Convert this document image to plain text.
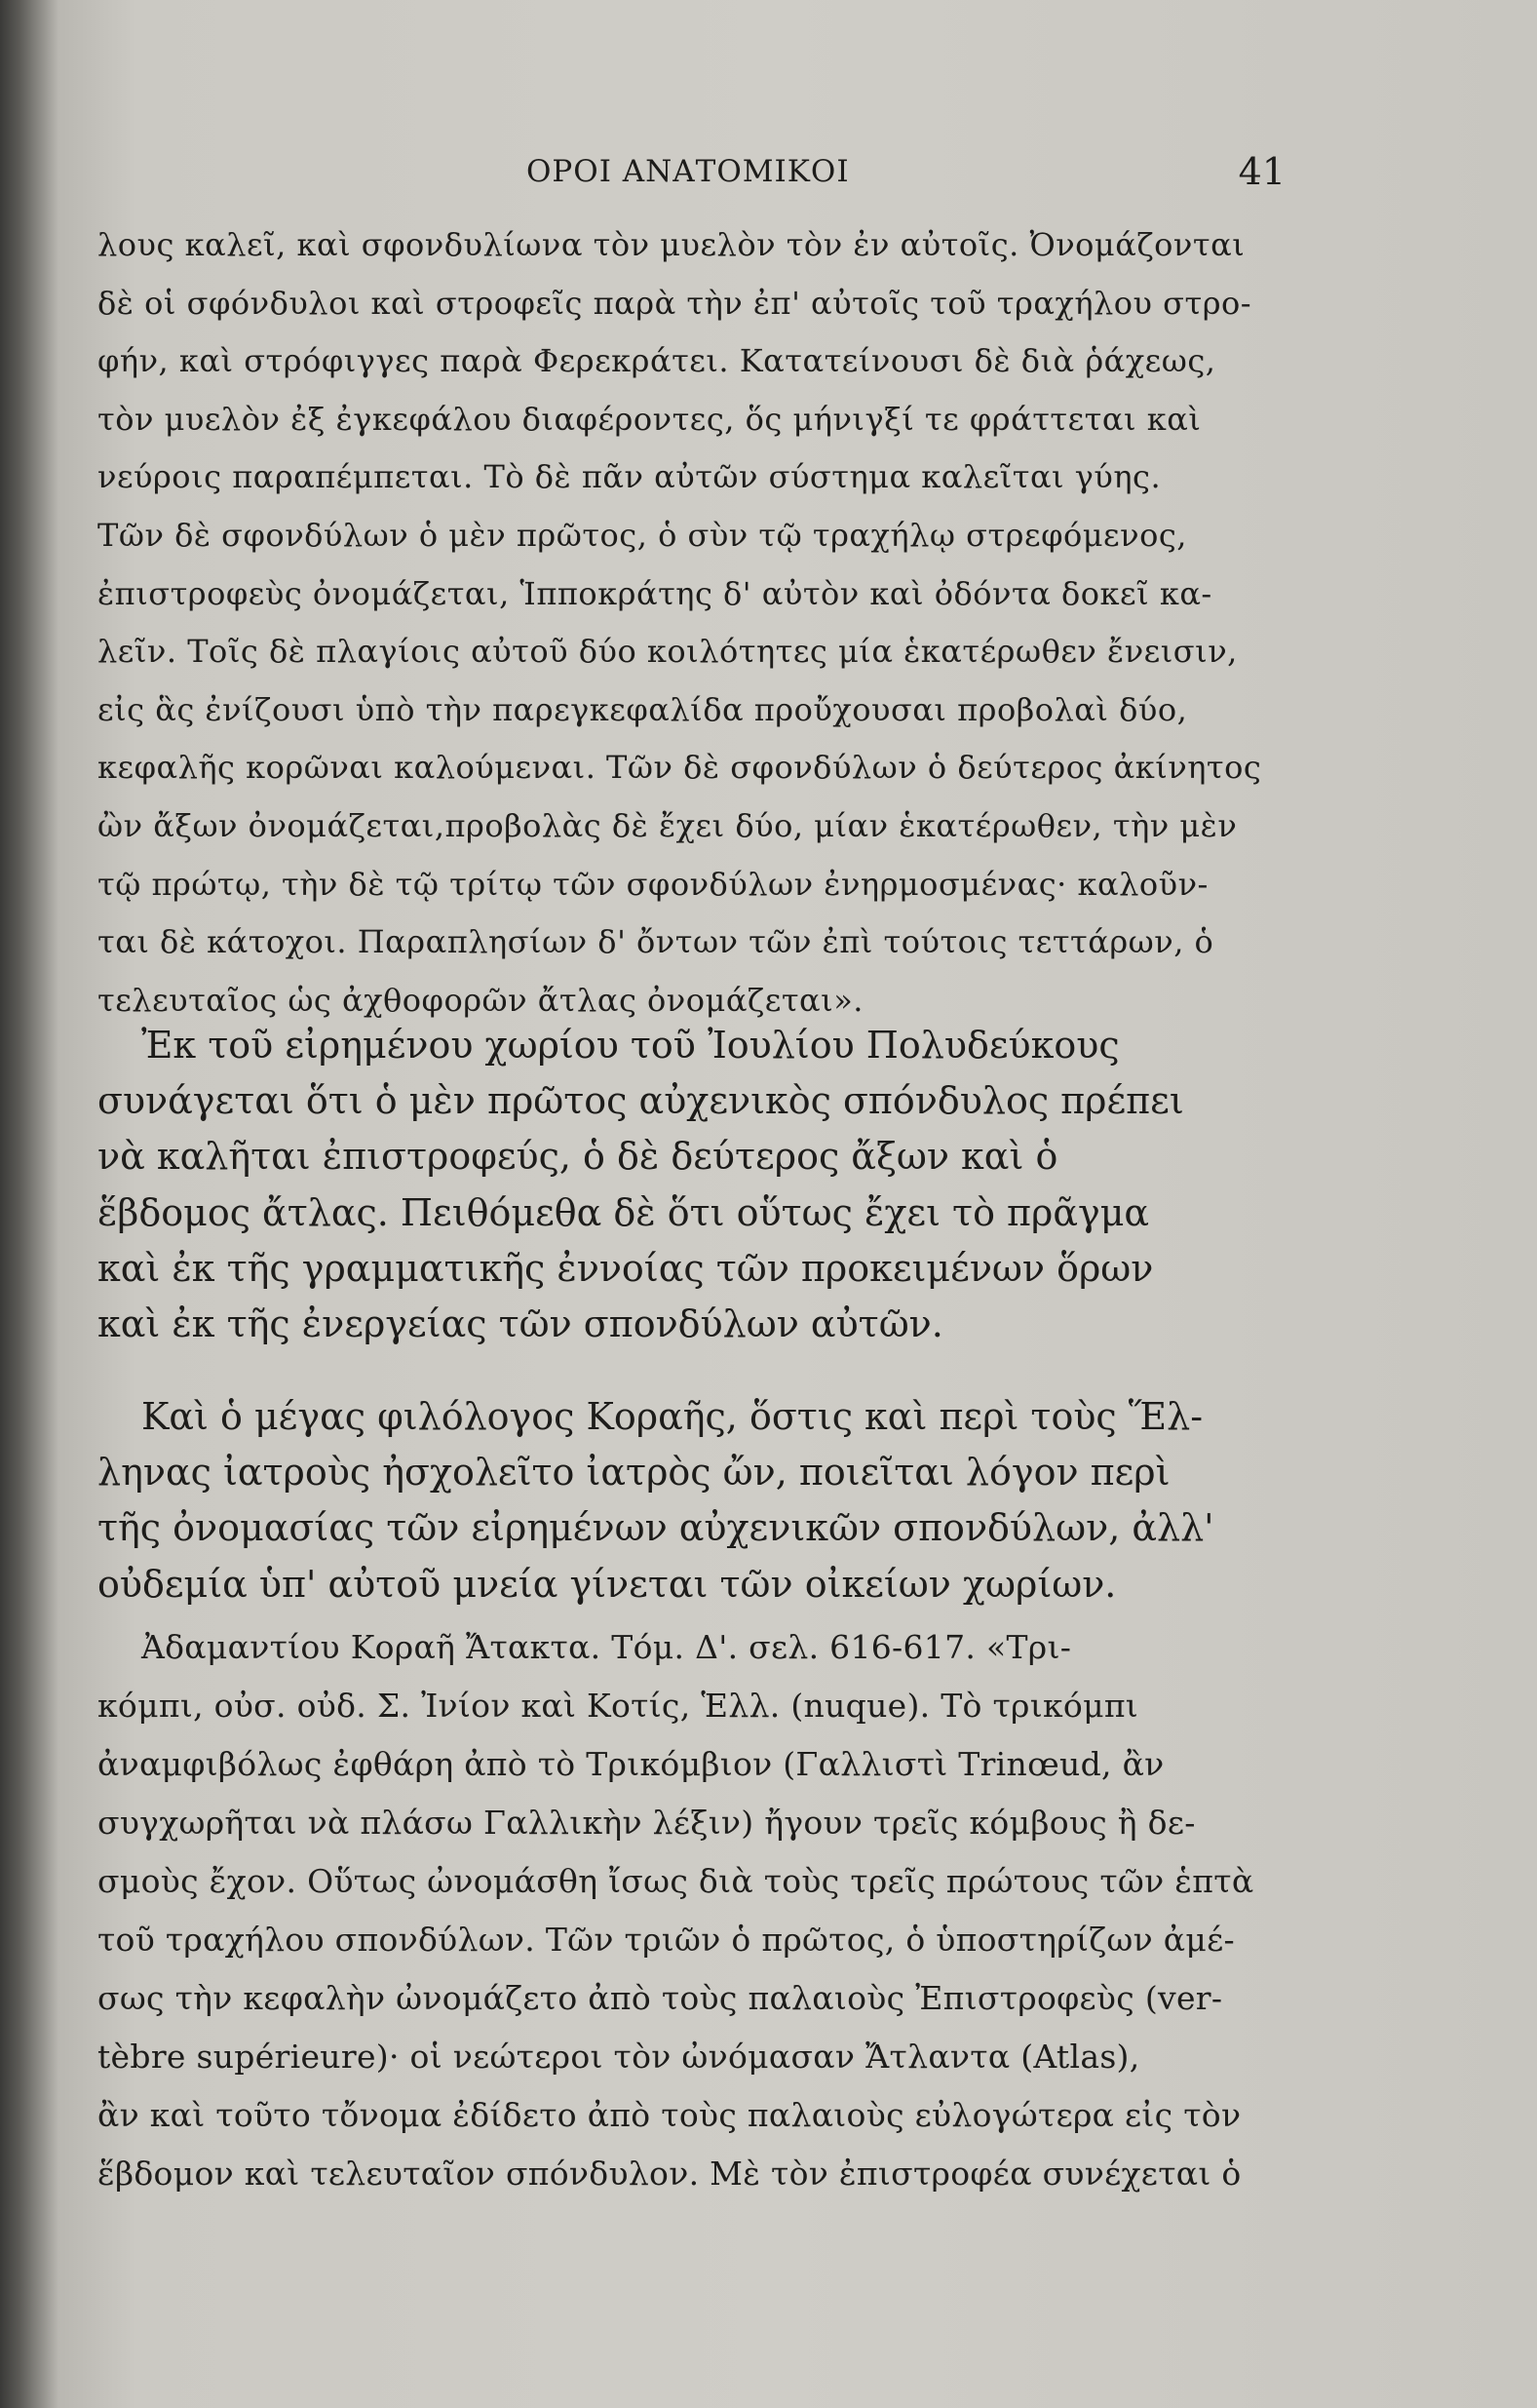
ΟΡΟΙ ΑΝΑΤΟΜΙΚΟΙ	41
λους καλεῖ, καὶ σφονδυλίωνα τὸν μυελὸν τὸν ἐν αὐτοῖς. Ὀνομάζονται
δὲ οἱ σφόνδυλοι καὶ στροφεῖς παρὰ τὴν ἐπ' αὐτοῖς τοῦ τραχήλου στρο-
φήν, καὶ στρόφιγγες παρὰ Φερεκράτει. Κατατείνουσι δὲ διὰ ῥάχεως,
τὸν μυελὸν ἐξ ἐγκεφάλου διαφέροντες, ὅς μήνιγξί τε φράττεται καὶ
νεύροις παραπέμπεται. Τὸ δὲ πᾶν αὐτῶν σύστημα καλεῖται γύης.
Τῶν δὲ σφονδύλων ὁ μὲν πρῶτος, ὁ σὺν τῷ τραχήλῳ στρεφόμενος,
ἐπιστροφεὺς ὀνομάζεται, Ἱπποκράτης δ' αὐτὸν καὶ ὀδόντα δοκεῖ κα-
λεῖν. Τοῖς δὲ πλαγίοις αὐτοῦ δύο κοιλότητες μία ἑκατέρωθεν ἔνεισιν,
εἰς ἃς ἐνίζουσι ὑπὸ τὴν παρεγκεφαλίδα προὔχουσαι προβολαὶ δύο,
κεφαλῆς κορῶναι καλούμεναι. Τῶν δὲ σφονδύλων ὁ δεύτερος ἀκίνητος
ὢν ἄξων ὀνομάζεται,προβολὰς δὲ ἔχει δύο, μίαν ἑκατέρωθεν, τὴν μὲν
τῷ πρώτῳ, τὴν δὲ τῷ τρίτῳ τῶν σφονδύλων ἐνηρμοσμένας· καλοῦν-
ται δὲ κάτοχοι. Παραπλησίων δ' ὄντων τῶν ἐπὶ τούτοις τεττάρων, ὁ
τελευταῖος ὡς ἀχθοφορῶν ἄτλας ὀνομάζεται».
Ἐκ τοῦ εἰρημένου χωρίου τοῦ Ἰουλίου Πολυδεύκους
συνάγεται ὅτι ὁ μὲν πρῶτος αὐχενικὸς σπόνδυλος πρέπει
νὰ καλῆται ἐπιστροφεύς, ὁ δὲ δεύτερος ἄξων καὶ ὁ
ἕβδομος ἄτλας. Πειθόμεθα δὲ ὅτι οὕτως ἔχει τὸ πρᾶγμα
καὶ ἐκ τῆς γραμματικῆς ἐννοίας τῶν προκειμένων ὅρων
καὶ ἐκ τῆς ἐνεργείας τῶν σπονδύλων αὐτῶν.
Καὶ ὁ μέγας φιλόλογος Κοραῆς, ὅστις καὶ περὶ τοὺς Ἕλ-
ληνας ἰατροὺς ἠσχολεῖτο ἰατρὸς ὤν, ποιεῖται λόγον περὶ
τῆς ὀνομασίας τῶν εἰρημένων αὐχενικῶν σπονδύλων, ἀλλ'
οὐδεμία ὑπ' αὐτοῦ μνεία γίνεται τῶν οἰκείων χωρίων.
Ἀδαμαντίου Κοραῆ Ἄτακτα. Τόμ. Δ'. σελ. 616-617. «Τρι-
κόμπι, οὐσ. οὐδ. Σ. Ἰνίον καὶ Κοτίς, Ἑλλ. (nuque). Τὸ τρικόμπι
ἀναμφιβόλως ἐφθάρη ἀπὸ τὸ Τρικόμβιον (Γαλλιστὶ Trinœud, ἂν
συγχωρῆται νὰ πλάσω Γαλλικὴν λέξιν) ἤγουν τρεῖς κόμβους ἢ δε-
σμοὺς ἔχον. Οὕτως ὠνομάσθη ἴσως διὰ τοὺς τρεῖς πρώτους τῶν ἑπτὰ
τοῦ τραχήλου σπονδύλων. Τῶν τριῶν ὁ πρῶτος, ὁ ὑποστηρίζων ἀμέ-
σως τὴν κεφαλὴν ὠνομάζετο ἀπὸ τοὺς παλαιοὺς Ἐπιστροφεὺς (ver-
tèbre supérieure)· οἱ νεώτεροι τὸν ὠνόμασαν Ἄτλαντα (Atlas),
ἂν καὶ τοῦτο τὄνομα ἐδίδετο ἀπὸ τοὺς παλαιοὺς εὐλογώτερα εἰς τὸν
ἕβδομον καὶ τελευταῖον σπόνδυλον. Μὲ τὸν ἐπιστροφέα συνέχεται ὁ
